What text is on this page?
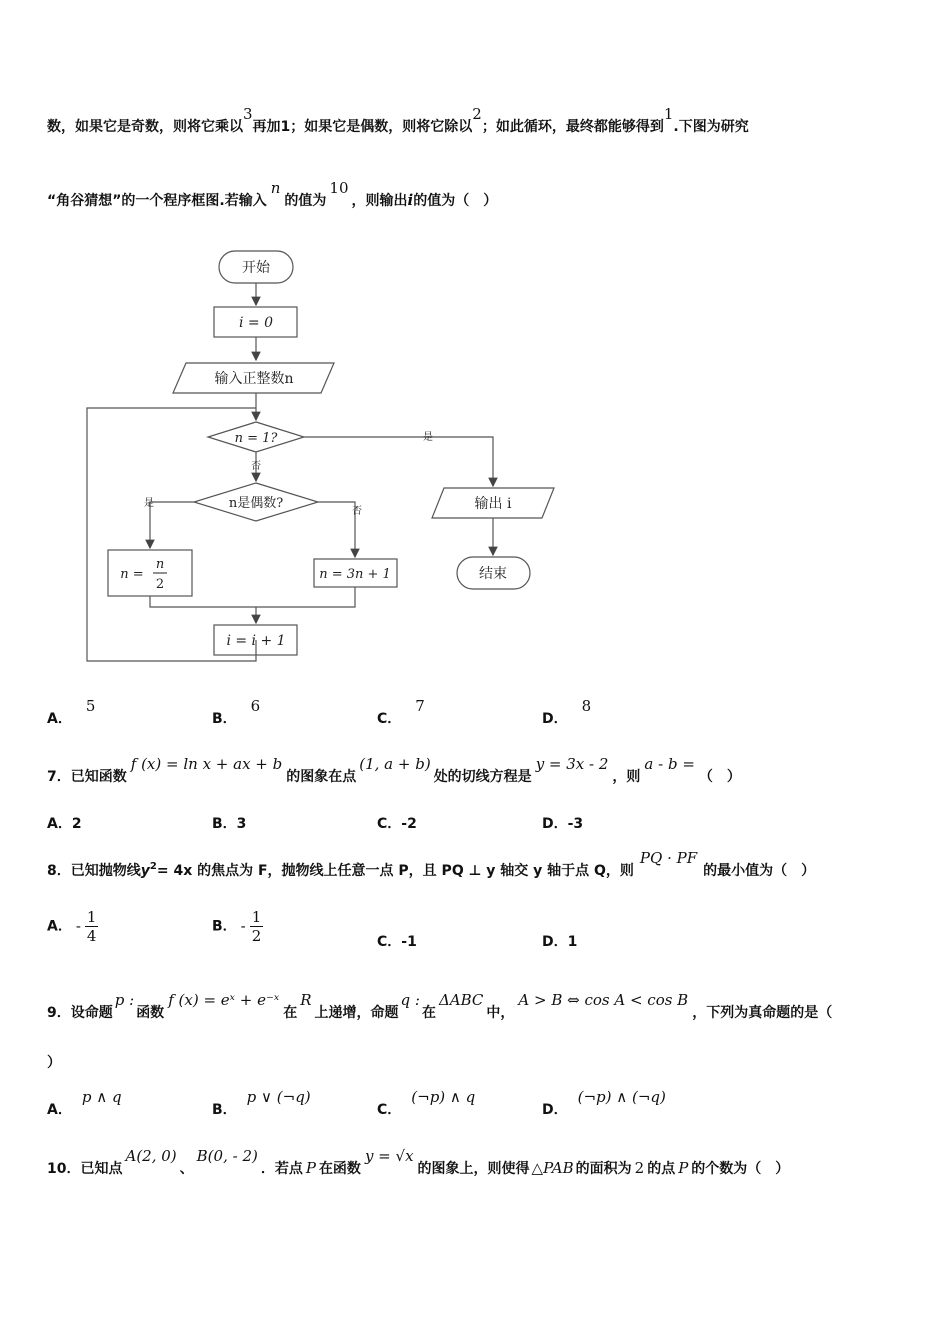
数，如果它是奇数，则将它乘以3再加1；如果它是偶数，则将它除以2；如此循环，最终都能够得到1.下图为研究
“角谷猜想”的一个程序框图.若输入n的值为10，则输出i的值为（　）
开始
i = 0
输入正整数n
n = 1?	是
否
n是偶数?
是
否
n =
n
2
n = 3n + 1
i = i + 1
输出 i
结束
A．5
B．6
C．7
D．8
7．已知函数f (x) = ln x + ax + b的图象在点(1, a + b)处的切线方程是y = 3x - 2，则a - b =（　）
A．2	B．3	C．-2	D．-3
8．已知抛物线$y^2= 4x$ 的焦点为 F，抛物线上任意一点 P，且 PQ ⊥ y 轴交 y 轴于点 Q，则PQ · PF的最小值为（　）
A． - $\frac{1}{4}$	B． - $\frac{1}{2}$	C．-1	D．1
9．设命题p :函数f (x) = eˣ + e⁻ˣ在R上递增，命题q :在ΔABC中，A > B ⇔ cos A < cos B，下列为真命题的是（
）
A．p ∧ q
B．p ∨ (¬q)
C．(¬p) ∧ q
D．(¬p) ∧ (¬q)
10．已知点A(2, 0)、B(0, - 2)．若点 P 在函数y = √x的图象上，则使得 △PAB 的面积为 2 的点 P 的个数为（　）
